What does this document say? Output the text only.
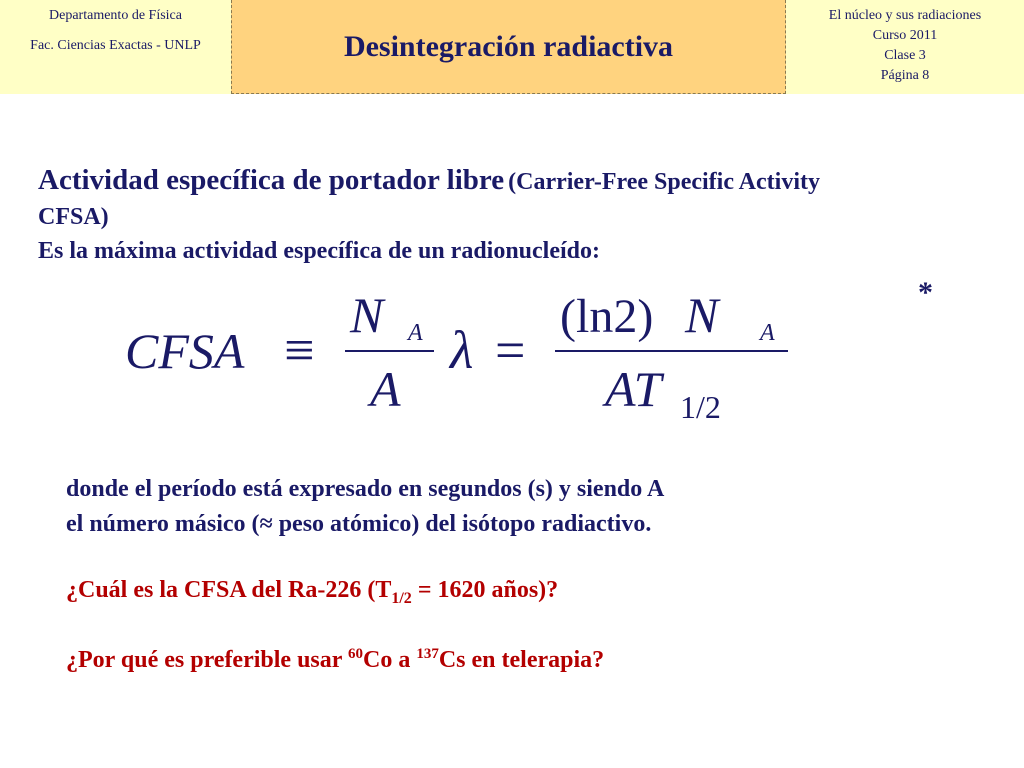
Departamento de Física
Fac. Ciencias Exactas - UNLP	Desintegración radiactiva
El núcleo y sus radiaciones
Curso 2011
Clase 3
Página 8
Actividad específica de portador libre (Carrier-Free Specific Activity
CFSA)
Es la máxima actividad específica de un radionucleído:
*
CFSA ≡
N A
A
λ =
(ln2) N A
AT 1/2
donde el período está expresado en segundos (s) y siendo A
el número másico (≈ peso atómico) del isótopo radiactivo.
¿Cuál es la CFSA del Ra-226 ($T_{1/2} = 1620$ años)?
¿Por qué es preferible usar $^{60}$Co a $^{137}$Cs en telerapia?
